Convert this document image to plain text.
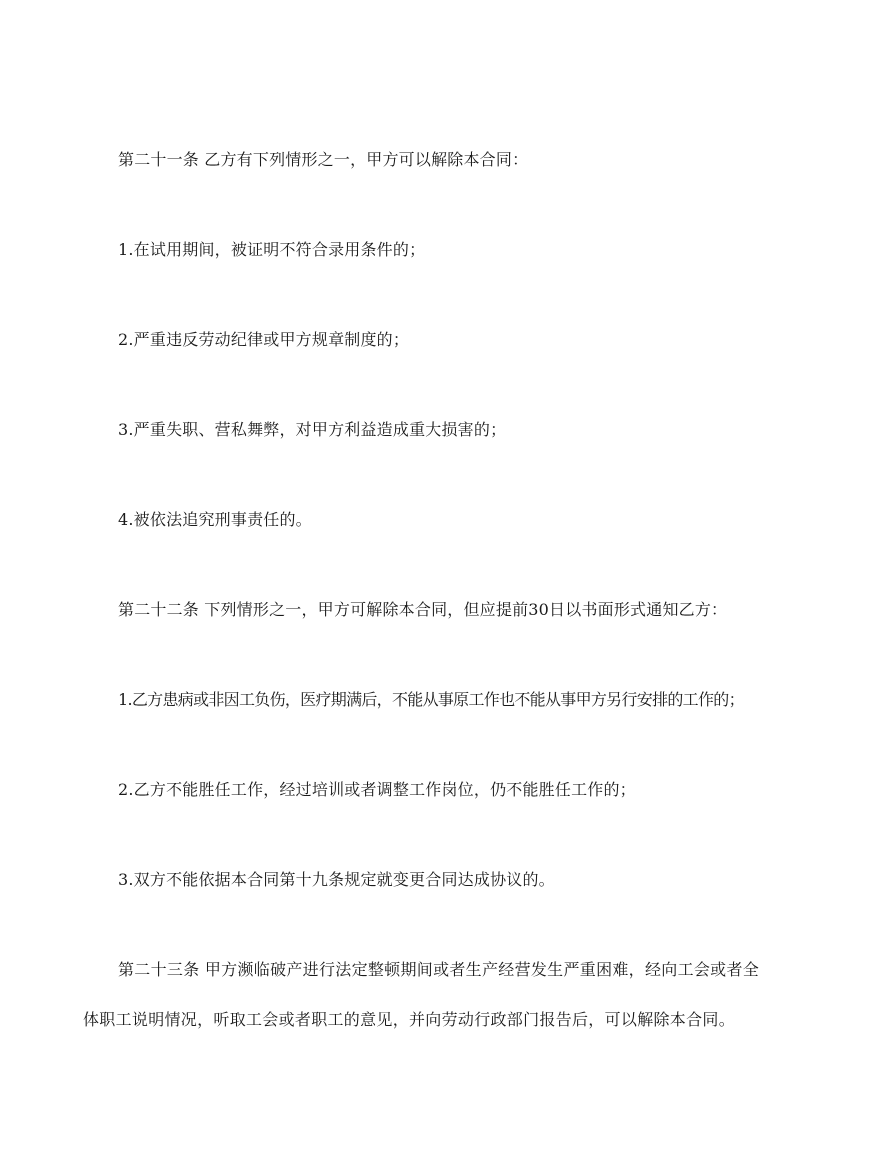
第二十一条 乙方有下列情形之一，甲方可以解除本合同：
1.在试用期间，被证明不符合录用条件的；
2.严重违反劳动纪律或甲方规章制度的；
3.严重失职、营私舞弊，对甲方利益造成重大损害的；
4.被依法追究刑事责任的。
第二十二条 下列情形之一，甲方可解除本合同，但应提前30日以书面形式通知乙方：
1.乙方患病或非因工负伤，医疗期满后，不能从事原工作也不能从事甲方另行安排的工作的；
2.乙方不能胜任工作，经过培训或者调整工作岗位，仍不能胜任工作的；
3.双方不能依据本合同第十九条规定就变更合同达成协议的。
第二十三条 甲方濒临破产进行法定整顿期间或者生产经营发生严重困难，经向工会或者全
体职工说明情况，听取工会或者职工的意见，并向劳动行政部门报告后，可以解除本合同。
